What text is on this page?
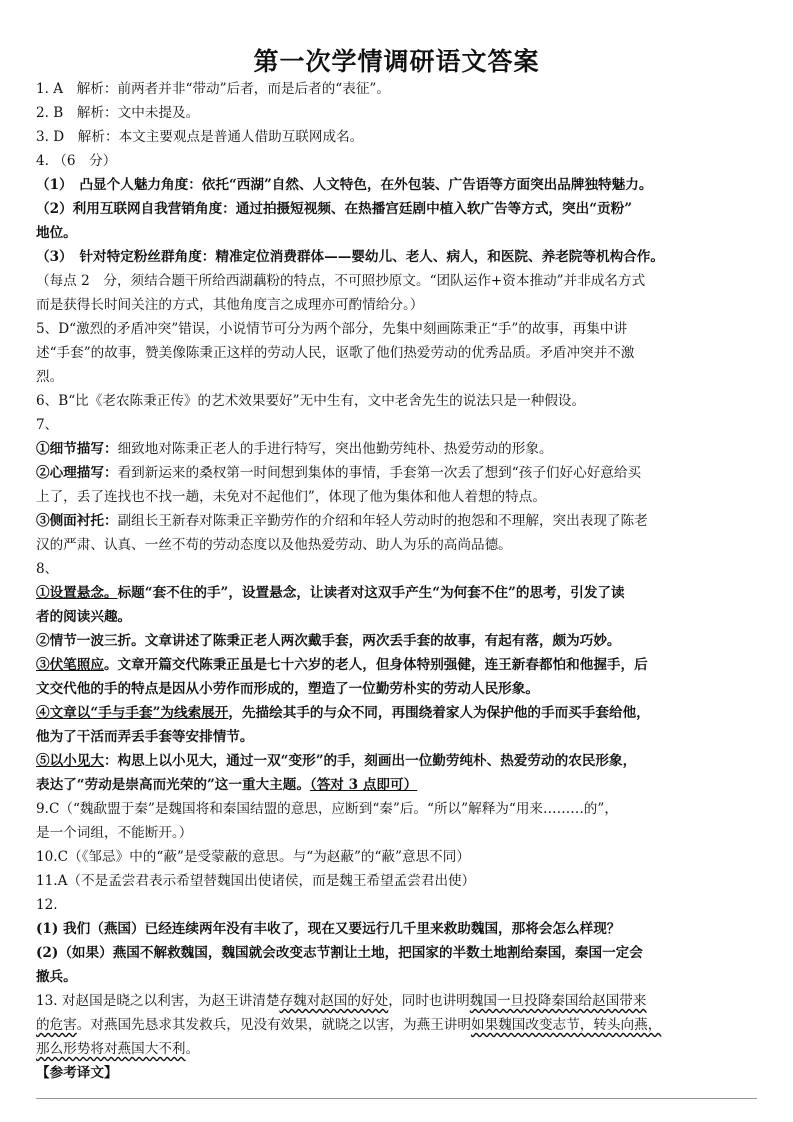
第一次学情调研语文答案
1. A　解析：前两者并非“带动”后者，而是后者的“表征”。
2. B　解析：文中未提及。
3. D　解析：本文主要观点是普通人借助互联网成名。
4. （6　分）
（1）　凸显个人魅力角度：依托“西湖”自然、人文特色，在外包装、广告语等方面突出品牌独特魅力。
（2）利用互联网自我营销角度：通过拍摄短视频、在热播宫廷剧中植入软广告等方式，突出“贡粉”
地位。
（3）　针对特定粉丝群角度：精准定位消费群体——婴幼儿、老人、病人，和医院、养老院等机构合作。
（每点 2　分，须结合题干所给西湖藕粉的特点，不可照抄原文。“团队运作+资本推动”并非成名方式
而是获得长时间关注的方式，其他角度言之成理亦可酌情给分。）
5、D“激烈的矛盾冲突”错误，小说情节可分为两个部分，先集中刻画陈秉正“手”的故事，再集中讲
述“手套”的故事，赞美像陈秉正这样的劳动人民，讴歌了他们热爱劳动的优秀品质。矛盾冲突并不激
烈。
6、B“比《老农陈秉正传》的艺术效果要好”无中生有，文中老舍先生的说法只是一种假设。
7、
①细节描写：细致地对陈秉正老人的手进行特写，突出他勤劳纯朴、热爱劳动的形象。
②心理描写：看到新运来的桑杈第一时间想到集体的事情，手套第一次丢了想到“孩子们好心好意给买
上了，丢了连找也不找一趟，未免对不起他们”，体现了他为集体和他人着想的特点。
③侧面衬托：副组长王新春对陈秉正辛勤劳作的介绍和年轻人劳动时的抱怨和不理解，突出表现了陈老
汉的严肃、认真、一丝不苟的劳动态度以及他热爱劳动、助人为乐的高尚品德。
8、
①设置悬念。标题“套不住的手”，设置悬念，让读者对这双手产生“为何套不住”的思考，引发了读
者的阅读兴趣。
②情节一波三折。文章讲述了陈秉正老人两次戴手套，两次丢手套的故事，有起有落，颇为巧妙。
③伏笔照应。文章开篇交代陈秉正虽是七十六岁的老人，但身体特别强健，连王新春都怕和他握手，后
文交代他的手的特点是因从小劳作而形成的，塑造了一位勤劳朴实的劳动人民形象。
④文章以“手与手套”为线索展开，先描绘其手的与众不同，再围绕着家人为保护他的手而买手套给他，
他为了干活而弄丢手套等安排情节。
⑤以小见大：构思上以小见大，通过一双“变形”的手，刻画出一位勤劳纯朴、热爱劳动的农民形象，
表达了“劳动是崇高而光荣的”这一重大主题。（答对 3 点即可）
9.C（“魏歃盟于秦”是魏国将和秦国结盟的意思，应断到“秦”后。“所以”解释为“用来………的”，
是一个词组，不能断开。）
10.C（《邹忌》中的“蔽”是受蒙蔽的意思。与“为赵蔽”的“蔽”意思不同）
11.A（不是孟尝君表示希望替魏国出使诸侯，而是魏王希望孟尝君出使）
12.
(1) 我们（燕国）已经连续两年没有丰收了，现在又要远行几千里来救助魏国，那将会怎么样现？
(2)（如果）燕国不解救魏国，魏国就会改变志节割让土地，把国家的半数土地割给秦国，秦国一定会
撤兵。
13. 对赵国是晓之以利害，为赵王讲清楚存魏对赵国的好处，同时也讲明魏国一旦投降秦国给赵国带来
的危害。对燕国先恳求其发救兵，见没有效果，就晓之以害，为燕王讲明如果魏国改变志节，转头向燕，
那么形势将对燕国大不利。
【参考译文】
